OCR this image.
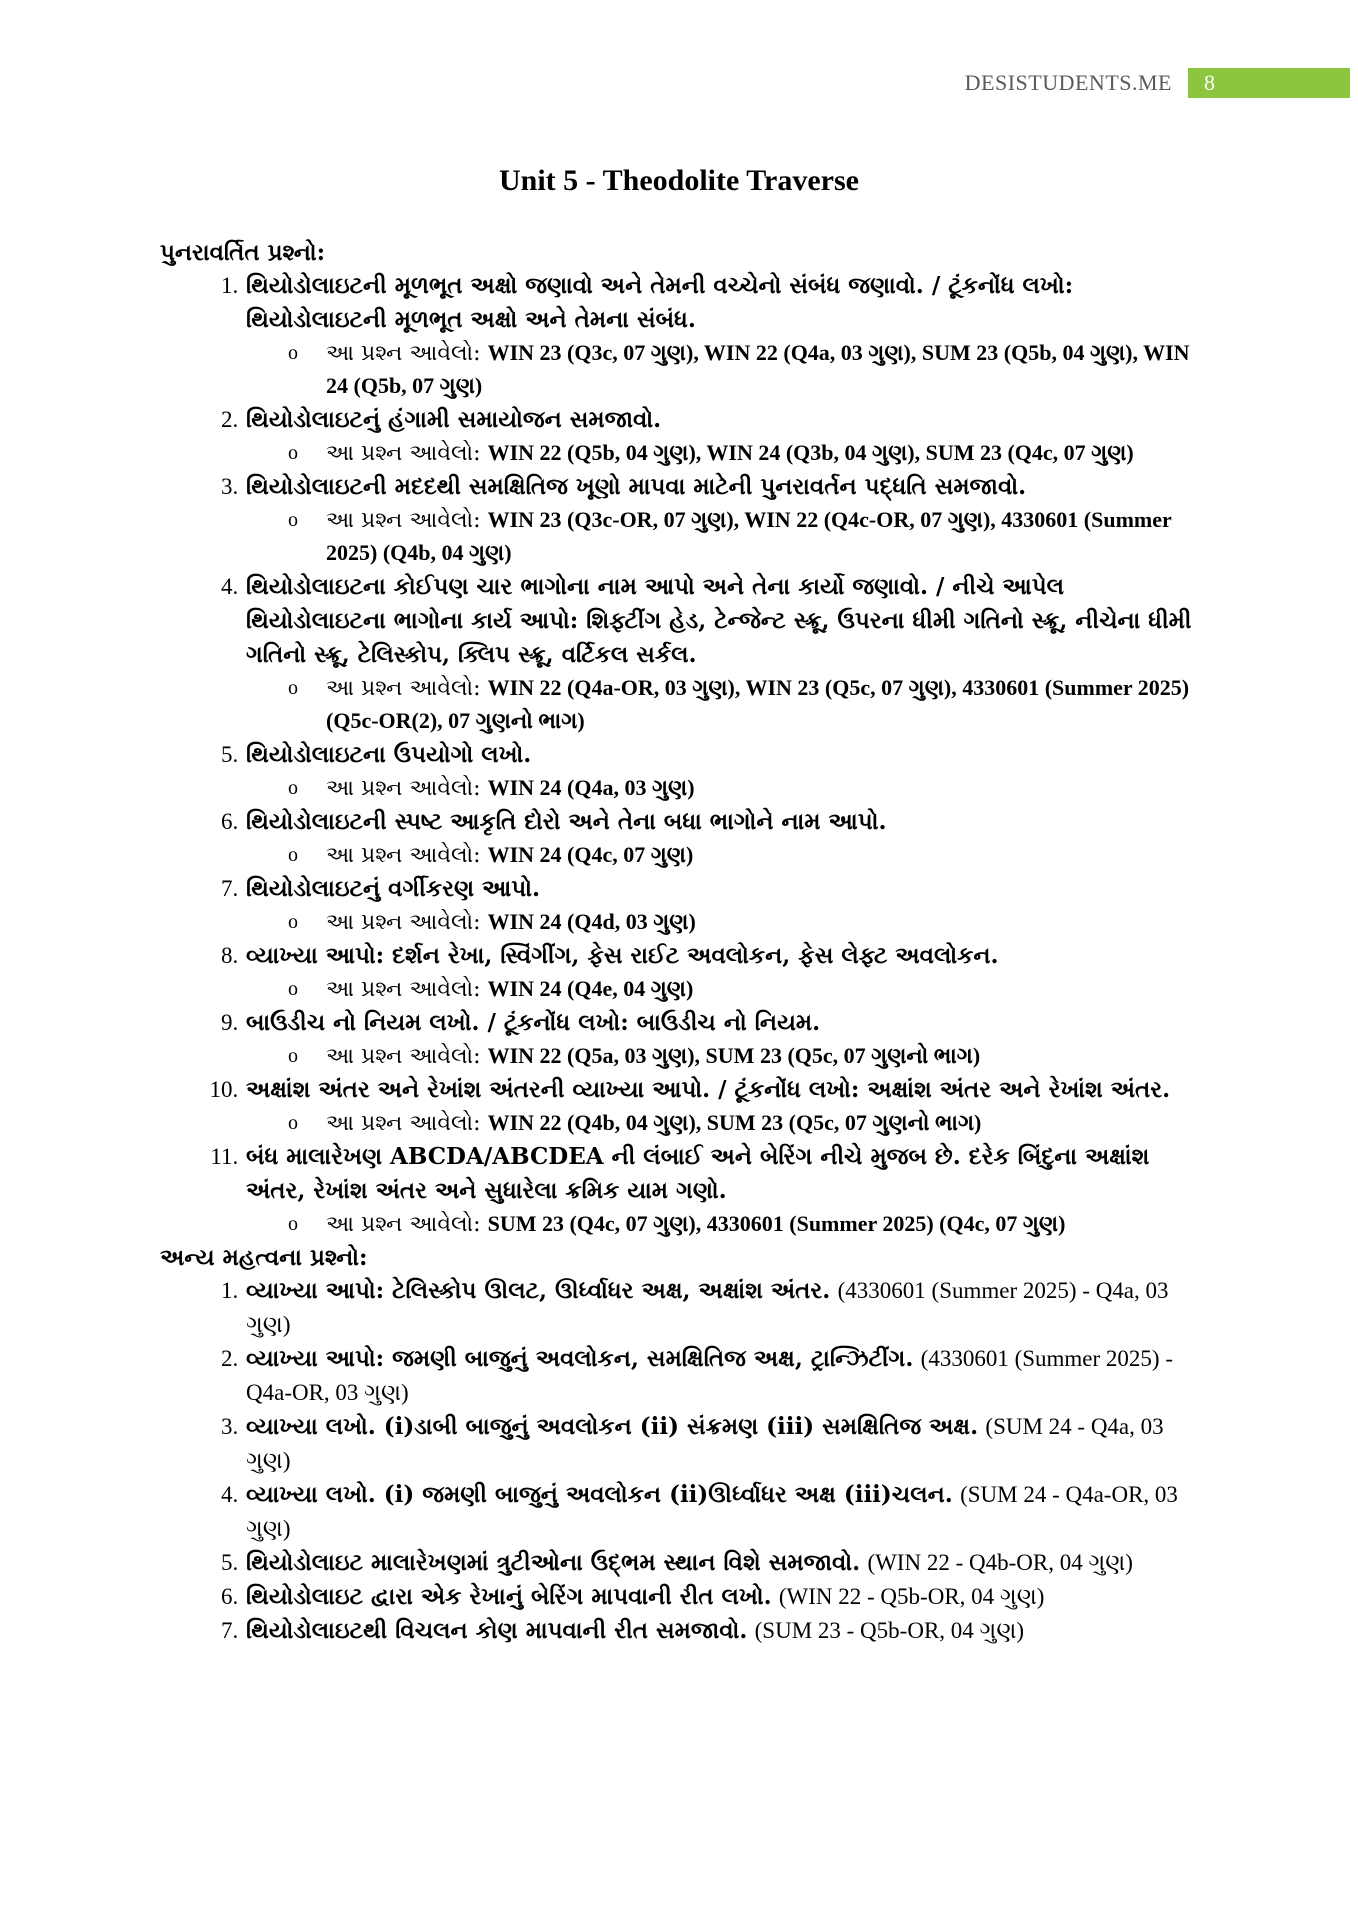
DESISTUDENTS.ME	8
Unit 5 - Theodolite Traverse

પુનરાવર્તિત પ્રશ્નો:

1. થિયોડોલાઇટની મૂળભૂત અક્ષો જણાવો અને તેમની વચ્ચેનો સંબંધ જણાવો. / ટૂંકનોંધ લખો: થિયોડોલાઇટની મૂળભૂત અક્ષો અને તેમના સંબંધ.
o આ પ્રશ્ન આવેલો: WIN 23 (Q3c, 07 ગુણ), WIN 22 (Q4a, 03 ગુણ), SUM 23 (Q5b, 04 ગુણ), WIN 24 (Q5b, 07 ગુણ)
2. થિયોડોલાઇટનું હંગામી સમાયોજન સમજાવો.
o આ પ્રશ્ન આવેલો: WIN 22 (Q5b, 04 ગુણ), WIN 24 (Q3b, 04 ગુણ), SUM 23 (Q4c, 07 ગુણ)
3. થિયોડોલાઇટની મદદથી સમક્ષિતિજ ખૂણો માપવા માટેની પુનરાવર્તન પદ્ધતિ સમજાવો.
o આ પ્રશ્ન આવેલો: WIN 23 (Q3c-OR, 07 ગુણ), WIN 22 (Q4c-OR, 07 ગુણ), 4330601 (Summer 2025) (Q4b, 04 ગુણ)
4. થિયોડોલાઇટના કોઈપણ ચાર ભાગોના નામ આપો અને તેના કાર્યો જણાવો. / નીચે આપેલ થિયોડોલાઇટના ભાગોના કાર્ય આપો: શિફ્ટીંગ હેડ, ટેન્જેન્ટ સ્ક્રૂ, ઉપરના ધીમી ગતિનો સ્ક્રૂ, નીચેના ધીમી ગતિનો સ્ક્રૂ, ટેલિસ્કોપ, ક્લિપ સ્ક્રૂ, વર્ટિકલ સર્કલ.
o આ પ્રશ્ન આવેલો: WIN 22 (Q4a-OR, 03 ગુણ), WIN 23 (Q5c, 07 ગુણ), 4330601 (Summer 2025) (Q5c-OR(2), 07 ગુણનો ભાગ)
5. થિયોડોલાઇટના ઉપયોગો લખો.
o આ પ્રશ્ન આવેલો: WIN 24 (Q4a, 03 ગુણ)
6. થિયોડોલાઇટની સ્પષ્ટ આકૃતિ દોરો અને તેના બધા ભાગોને નામ આપો.
o આ પ્રશ્ન આવેલો: WIN 24 (Q4c, 07 ગુણ)
7. થિયોડોલાઇટનું વર્ગીકરણ આપો.
o આ પ્રશ્ન આવેલો: WIN 24 (Q4d, 03 ગુણ)
8. વ્યાખ્યા આપો: દર્શન રેખા, સ્વિંગીંગ, ફેસ રાઈટ અવલોકન, ફેસ લેફ્ટ અવલોકન.
o આ પ્રશ્ન આવેલો: WIN 24 (Q4e, 04 ગુણ)
9. બાઉડીચ નો નિયમ લખો. / ટૂંકનોંધ લખો: બાઉડીચ નો નિયમ.
o આ પ્રશ્ન આવેલો: WIN 22 (Q5a, 03 ગુણ), SUM 23 (Q5c, 07 ગુણનો ભાગ)
10. અક્ષાંશ અંતર અને રેખાંશ અંતરની વ્યાખ્યા આપો. / ટૂંકનોંધ લખો: અક્ષાંશ અંતર અને રેખાંશ અંતર.
o આ પ્રશ્ન આવેલો: WIN 22 (Q4b, 04 ગુણ), SUM 23 (Q5c, 07 ગુણનો ભાગ)
11. બંધ માલારેખણ ABCDA/ABCDEA ની લંબાઈ અને બેરિંગ નીચે મુજબ છે. દરેક બિંદુના અક્ષાંશ અંતર, રેખાંશ અંતર અને સુધારેલા ક્રમિક યામ ગણો.
o આ પ્રશ્ન આવેલો: SUM 23 (Q4c, 07 ગુણ), 4330601 (Summer 2025) (Q4c, 07 ગુણ)

અન્ય મહત્વના પ્રશ્નો:

1. વ્યાખ્યા આપો: ટેલિસ્કોપ ઊલટ, ઊર્ધ્વાધર અક્ષ, અક્ષાંશ અંતર. (4330601 (Summer 2025) - Q4a, 03 ગુણ)
2. વ્યાખ્યા આપો: જમણી બાજુનું અવલોકન, સમક્ષિતિજ અક્ષ, ટ્રાન્ઝિટીંગ. (4330601 (Summer 2025) - Q4a-OR, 03 ગુણ)
3. વ્યાખ્યા લખો. (i)ડાબી બાજુનું અવલોકન (ii) સંક્રમણ (iii) સમક્ષિતિજ અક્ષ. (SUM 24 - Q4a, 03 ગુણ)
4. વ્યાખ્યા લખો. (i) જમણી બાજુનું અવલોકન (ii)ઊર્ધ્વાધર અક્ષ (iii)ચલન. (SUM 24 - Q4a-OR, 03 ગુણ)
5. થિયોડોલાઇટ માલારેખણમાં ત્રુટીઓના ઉદ્ભમ સ્થાન વિશે સમજાવો. (WIN 22 - Q4b-OR, 04 ગુણ)
6. થિયોડોલાઇટ દ્વારા એક રેખાનું બેરિંગ માપવાની રીત લખો. (WIN 22 - Q5b-OR, 04 ગુણ)
7. થિયોડોલાઇટથી વિચલન કોણ માપવાની રીત સમજાવો. (SUM 23 - Q5b-OR, 04 ગુણ)
